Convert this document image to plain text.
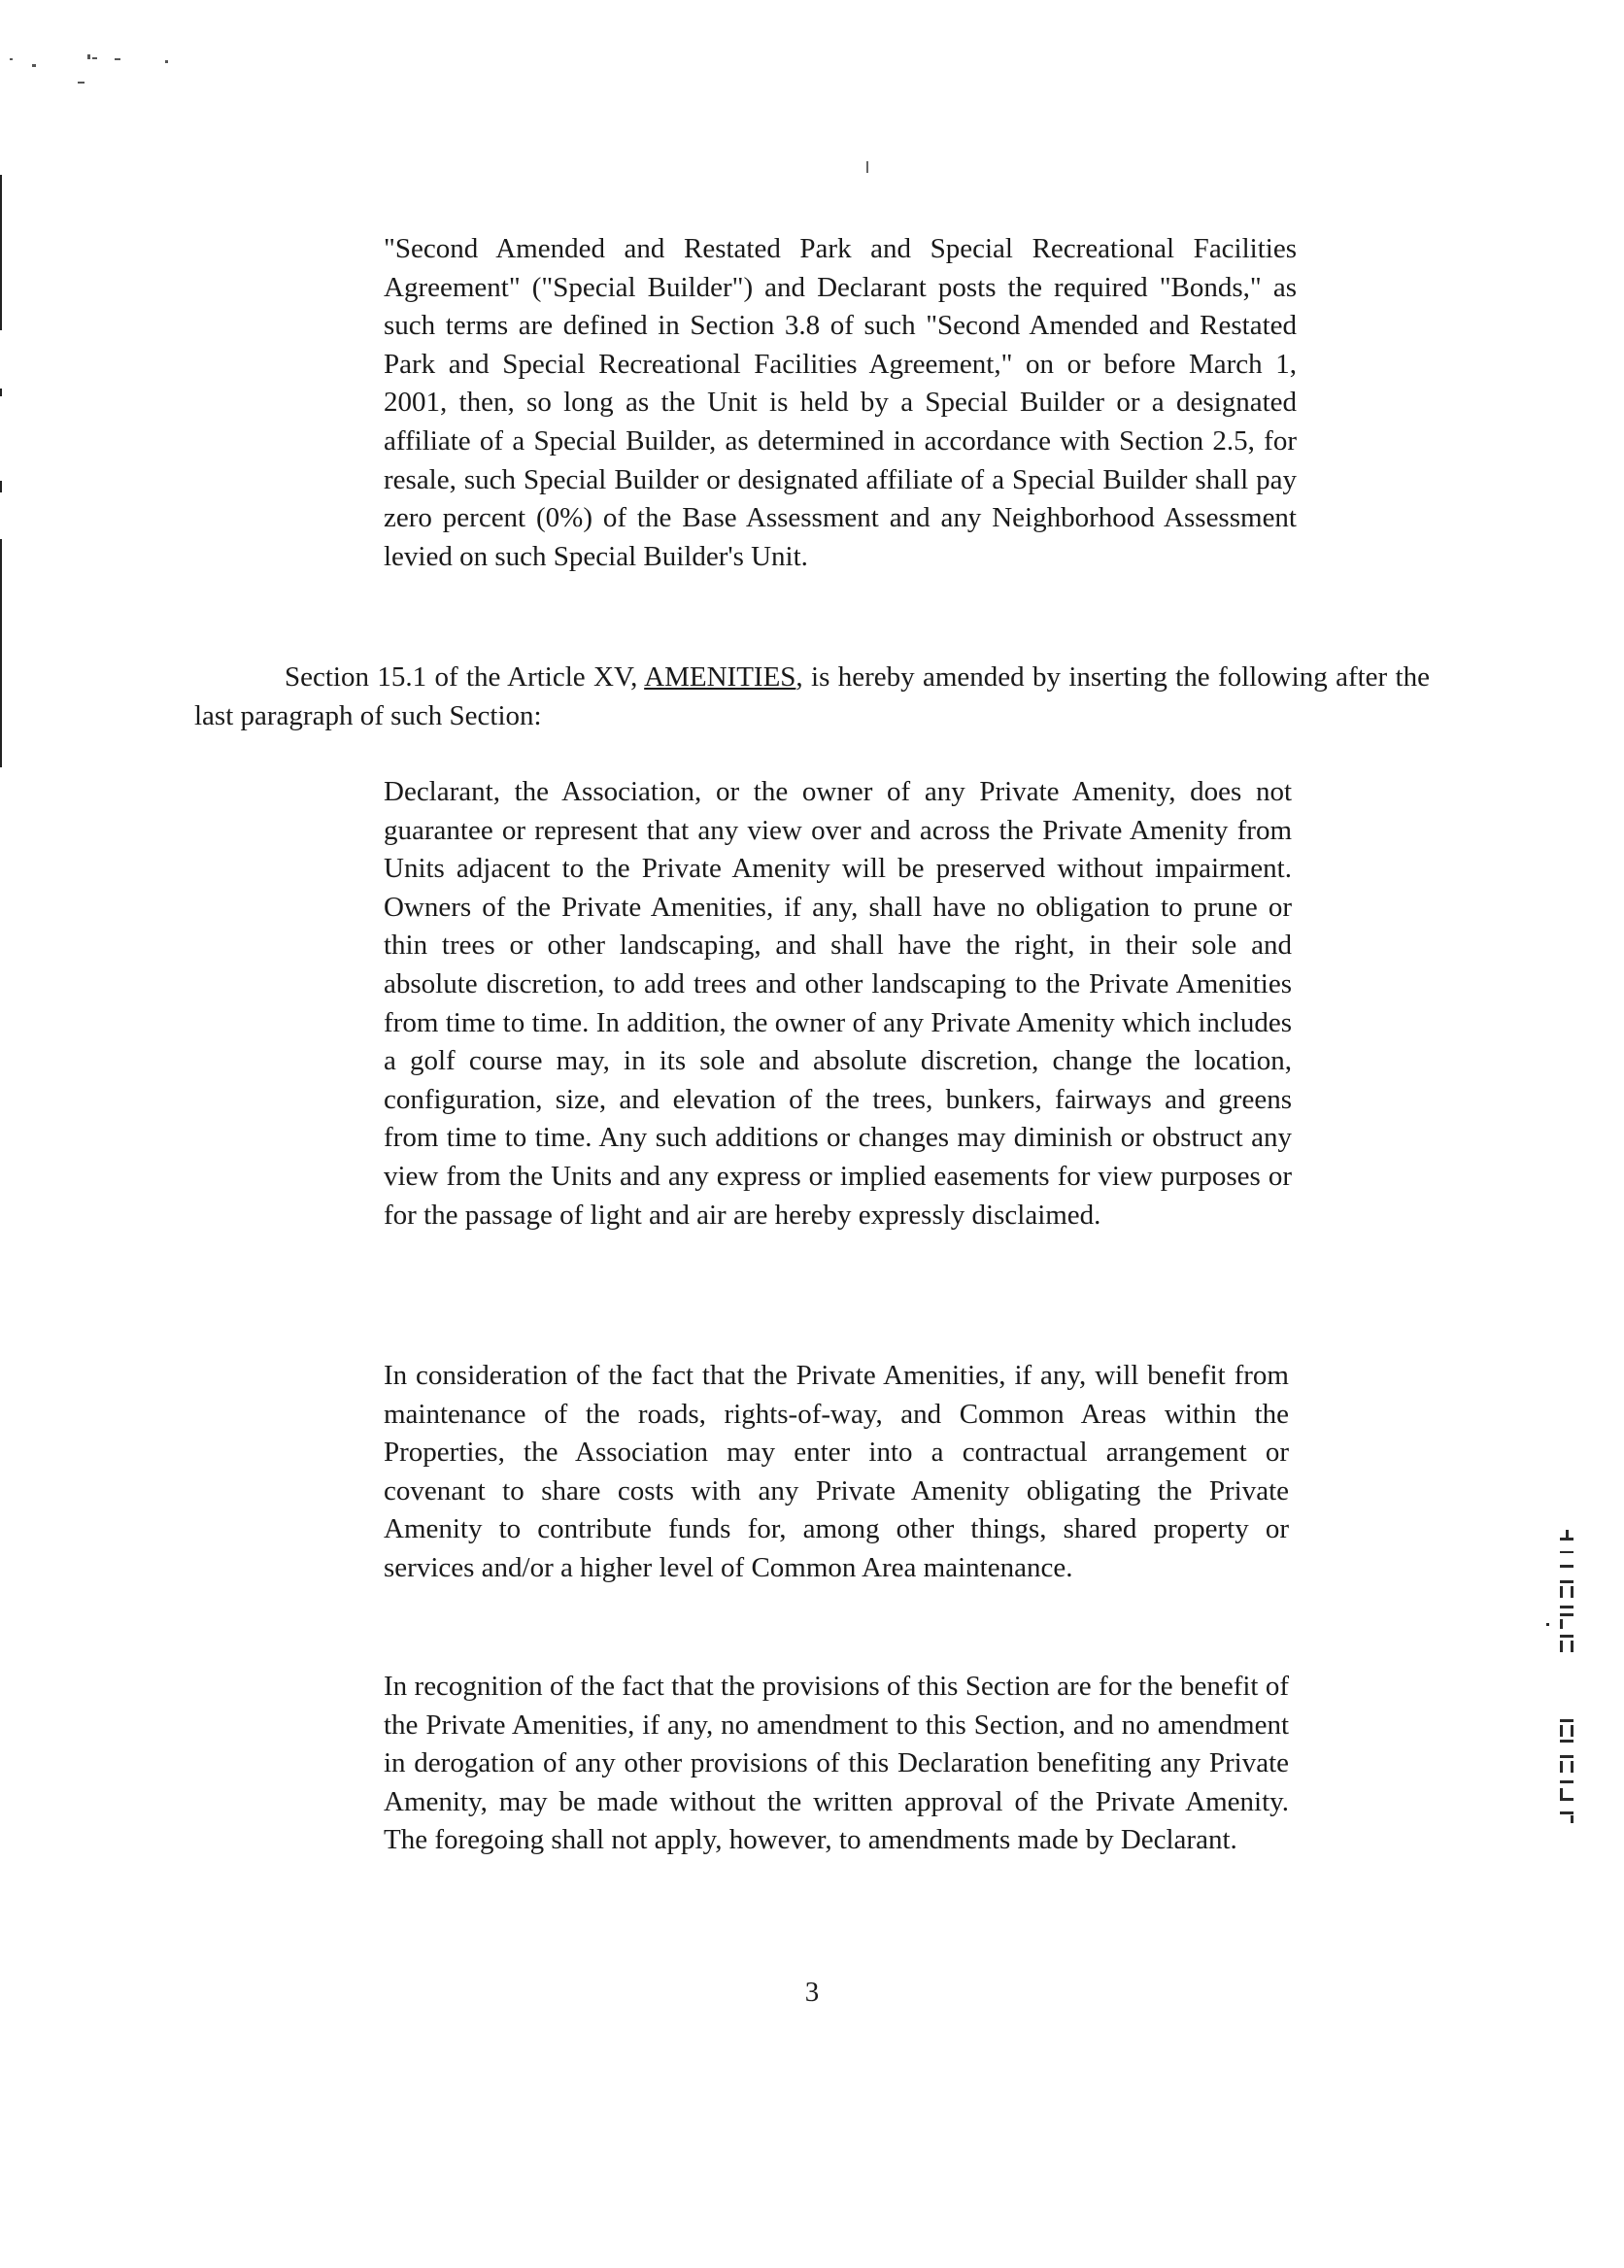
"Second Amended and Restated Park and Special Recreational Facilities Agreement" ("Special Builder") and Declarant posts the required "Bonds," as such terms are defined in Section 3.8 of such "Second Amended and Restated Park and Special Recreational Facilities Agreement," on or before March 1, 2001, then, so long as the Unit is held by a Special Builder or a designated affiliate of a Special Builder, as determined in accordance with Section 2.5, for resale, such Special Builder or designated affiliate of a Special Builder shall pay zero percent (0%) of the Base Assessment and any Neighborhood Assessment levied on such Special Builder's Unit.

Section 15.1 of the Article XV, AMENITIES, is hereby amended by inserting the following after the last paragraph of such Section:

Declarant, the Association, or the owner of any Private Amenity, does not guarantee or represent that any view over and across the Private Amenity from Units adjacent to the Private Amenity will be preserved without impairment. Owners of the Private Amenities, if any, shall have no obligation to prune or thin trees or other landscaping, and shall have the right, in their sole and absolute discretion, to add trees and other landscaping to the Private Amenities from time to time. In addition, the owner of any Private Amenity which includes a golf course may, in its sole and absolute discretion, change the location, configuration, size, and elevation of the trees, bunkers, fairways and greens from time to time. Any such additions or changes may diminish or obstruct any view from the Units and any express or implied easements for view purposes or for the passage of light and air are hereby expressly disclaimed.

In consideration of the fact that the Private Amenities, if any, will benefit from maintenance of the roads, rights-of-way, and Common Areas within the Properties, the Association may enter into a contractual arrangement or covenant to share costs with any Private Amenity obligating the Private Amenity to contribute funds for, among other things, shared property or services and/or a higher level of Common Area maintenance.

In recognition of the fact that the provisions of this Section are for the benefit of the Private Amenities, if any, no amendment to this Section, and no amendment in derogation of any other provisions of this Declaration benefiting any Private Amenity, may be made without the written approval of the Private Amenity. The foregoing shall not apply, however, to amendments made by Declarant.

3
